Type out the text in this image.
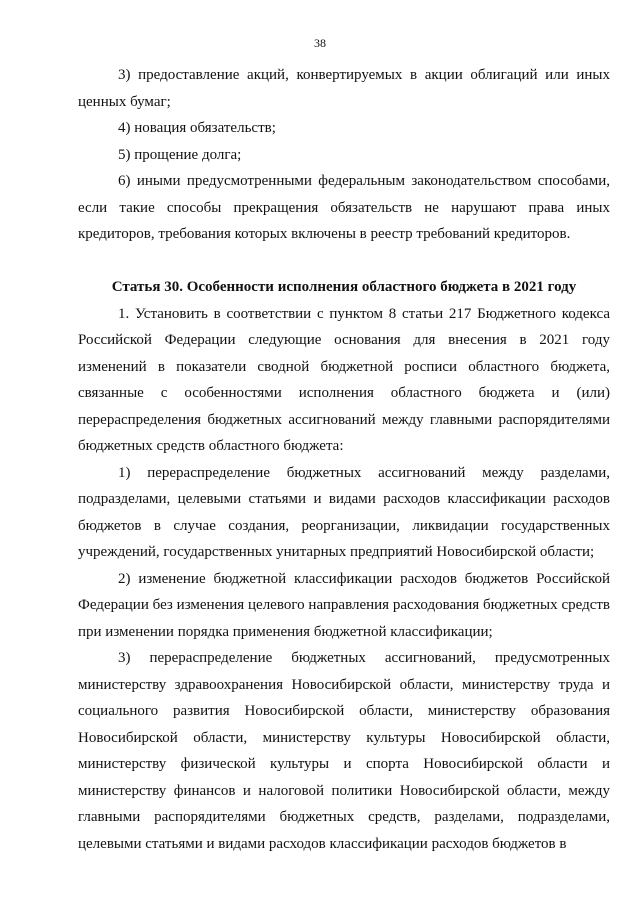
38

3) предоставление акций, конвертируемых в акции облигаций или иных ценных бумаг;

4) новация обязательств;

5) прощение долга;

6) иными предусмотренными федеральным законодательством способами, если такие способы прекращения обязательств не нарушают права иных кредиторов, требования которых включены в реестр требований кредиторов.

Статья 30. Особенности исполнения областного бюджета в 2021 году

1. Установить в соответствии с пунктом 8 статьи 217 Бюджетного кодекса Российской Федерации следующие основания для внесения в 2021 году изменений в показатели сводной бюджетной росписи областного бюджета, связанные с особенностями исполнения областного бюджета и (или) перераспределения бюджетных ассигнований между главными распорядителями бюджетных средств областного бюджета:

1) перераспределение бюджетных ассигнований между разделами, подразделами, целевыми статьями и видами расходов классификации расходов бюджетов в случае создания, реорганизации, ликвидации государственных учреждений, государственных унитарных предприятий Новосибирской области;

2) изменение бюджетной классификации расходов бюджетов Российской Федерации без изменения целевого направления расходования бюджетных средств при изменении порядка применения бюджетной классификации;

3) перераспределение бюджетных ассигнований, предусмотренных министерству здравоохранения Новосибирской области, министерству труда и социального развития Новосибирской области, министерству образования Новосибирской области, министерству культуры Новосибирской области, министерству физической культуры и спорта Новосибирской области и министерству финансов и налоговой политики Новосибирской области, между главными распорядителями бюджетных средств, разделами, подразделами, целевыми статьями и видами расходов классификации расходов бюджетов в
